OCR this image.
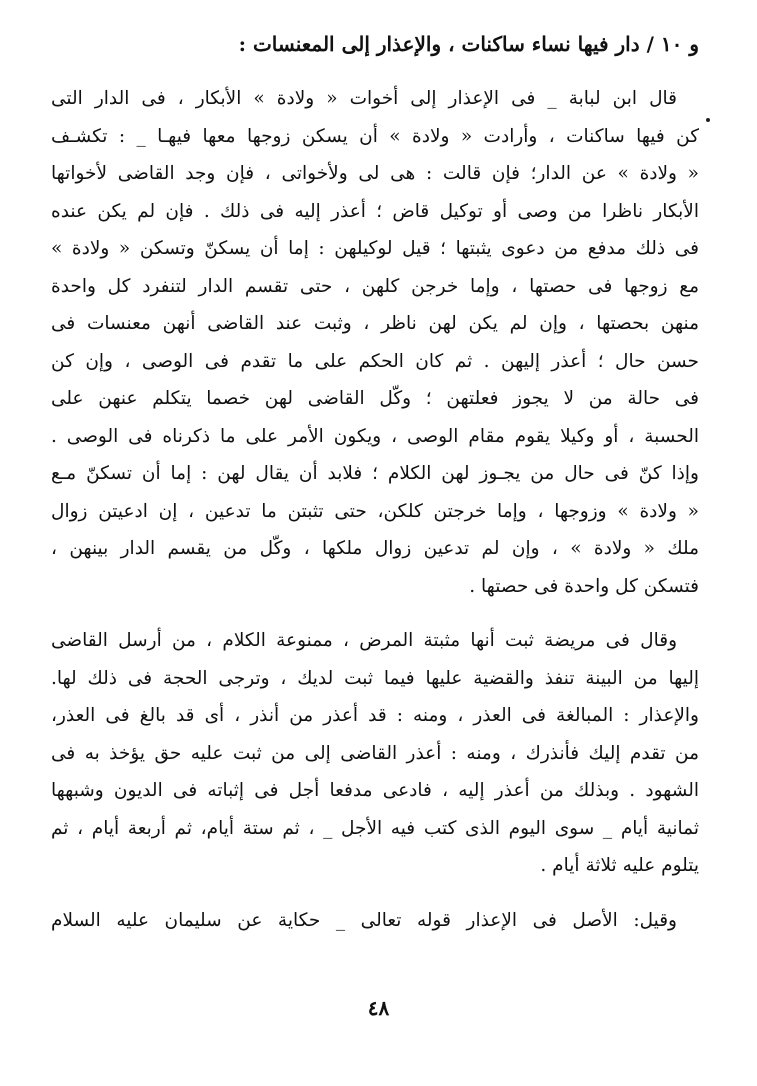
و ١٠ / دار فيها نساء ساكنات ، والإعذار إلى المعنسات :
قال ابن لبابة _ فى الإعذار إلى أخوات « ولادة » الأبكار ، فى الدار التى
كن فيها ساكنات ، وأرادت « ولادة » أن يسكن زوجها معها فيهـا _ : تكشـف
« ولادة » عن الدار؛ فإن قالت : هى لى ولأخواتى ، فإن وجد القاضى لأخواتها
الأبكار ناظرا من وصى أو توكيل قاض ؛ أعذر إليه فى ذلك . فإن لم يكن عنده
فى ذلك مدفع من دعوى يثبتها ؛ قيل لوكيلهن : إما أن يسكنّ وتسكن « ولادة »
مع زوجها فى حصتها ، وإما خرجن كلهن ، حتى تقسم الدار لتنفرد كل واحدة
منهن بحصتها ، وإن لم يكن لهن ناظر ، وثبت عند القاضى أنهن معنسات فى
حسن حال ؛ أعذر إليهن . ثم كان الحكم على ما تقدم فى الوصى ، وإن كن
فى حالة من لا يجوز فعلتهن ؛ وكّل القاضى لهن خصما يتكلم عنهن على
الحسبة ، أو وكيلا يقوم مقام الوصى ، ويكون الأمر على ما ذكرناه فى الوصى .
وإذا كنّ فى حال من يجـوز لهن الكلام ؛ فلابد أن يقال لهن : إما أن تسكنّ مـع
« ولادة » وزوجها ، وإما خرجتن كلكن، حتى تثبتن ما تدعين ، إن ادعيتن زوال
ملك « ولادة » ، وإن لم تدعين زوال ملكها ، وكّل من يقسم الدار بينهن ،
فتسكن كل واحدة فى حصتها .
وقال فى مريضة ثبت أنها مثبتة المرض ، ممنوعة الكلام ، من أرسل القاضى
إليها من البينة تنفذ والقضية عليها فيما ثبت لديك ، وترجى الحجة فى ذلك لها.
والإعذار : المبالغة فى العذر ، ومنه : قد أعذر من أنذر ، أى قد بالغ فى العذر،
من تقدم إليك فأنذرك ، ومنه : أعذر القاضى إلى من ثبت عليه حق يؤخذ به فى
الشهود . وبذلك من أعذر إليه ، فادعى مدفعا أجل فى إثباته فى الديون وشبهها
ثمانية أيام _ سوى اليوم الذى كتب فيه الأجل _ ، ثم ستة أيام، ثم أربعة أيام ، ثم
يتلوم عليه ثلاثة أيام .
وقيل: الأصل فى الإعذار قوله تعالى _ حكاية عن سليمان عليه السلام
٤٨
